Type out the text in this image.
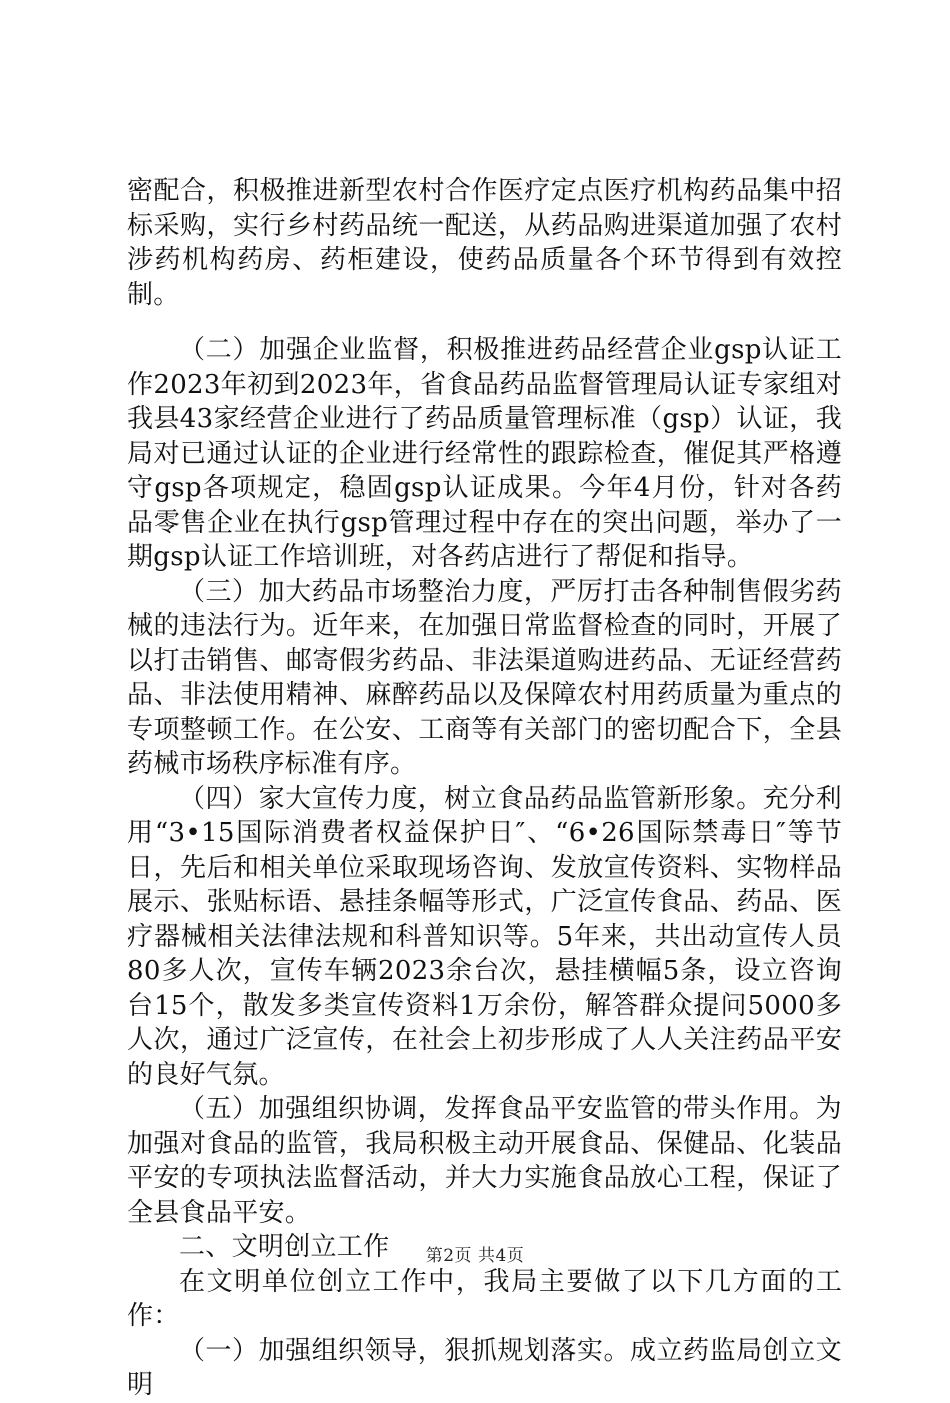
密配合，积极推进新型农村合作医疗定点医疗机构药品集中招标采购，实行乡村药品统一配送，从药品购进渠道加强了农村涉药机构药房、药柜建设，使药品质量各个环节得到有效控制。

（二）加强企业监督，积极推进药品经营企业gsp认证工作2023年初到2023年，省食品药品监督管理局认证专家组对我县43家经营企业进行了药品质量管理标准（gsp）认证，我局对已通过认证的企业进行经常性的跟踪检查，催促其严格遵守gsp各项规定，稳固gsp认证成果。今年4月份，针对各药品零售企业在执行gsp管理过程中存在的突出问题，举办了一期gsp认证工作培训班，对各药店进行了帮促和指导。

（三）加大药品市场整治力度，严厉打击各种制售假劣药械的违法行为。近年来，在加强日常监督检查的同时，开展了以打击销售、邮寄假劣药品、非法渠道购进药品、无证经营药品、非法使用精神、麻醉药品以及保障农村用药质量为重点的专项整顿工作。在公安、工商等有关部门的密切配合下，全县药械市场秩序标准有序。

（四）家大宣传力度，树立食品药品监管新形象。充分利用“3•15国际消费者权益保护日″、“6•26国际禁毒日″等节日，先后和相关单位采取现场咨询、发放宣传资料、实物样品展示、张贴标语、悬挂条幅等形式，广泛宣传食品、药品、医疗器械相关法律法规和科普知识等。5年来，共出动宣传人员80多人次，宣传车辆2023余台次，悬挂横幅5条，设立咨询台15个，散发多类宣传资料1万余份，解答群众提问5000多人次，通过广泛宣传，在社会上初步形成了人人关注药品平安的良好气氛。

（五）加强组织协调，发挥食品平安监管的带头作用。为加强对食品的监管，我局积极主动开展食品、保健品、化装品平安的专项执法监督活动，并大力实施食品放心工程，保证了全县食品平安。

二、文明创立工作

在文明单位创立工作中，我局主要做了以下几方面的工作：

（一）加强组织领导，狠抓规划落实。成立药监局创立文明

第2页 共4页
